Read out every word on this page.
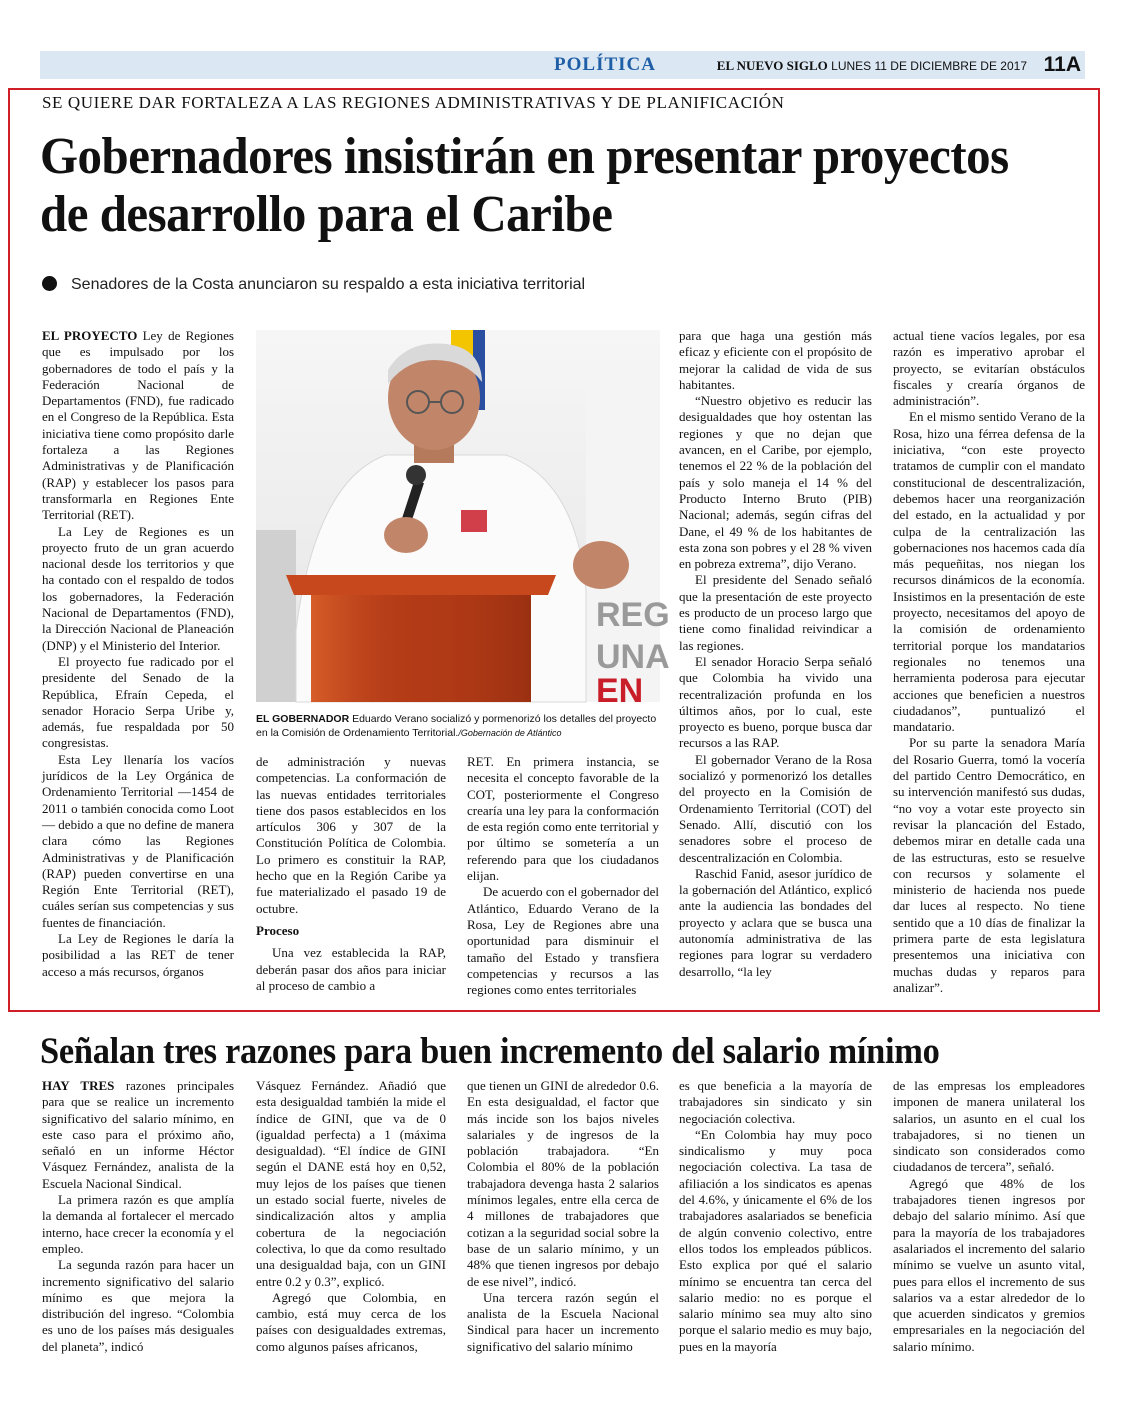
POLÍTICA	EL NUEVO SIGLO LUNES 11 DE DICIEMBRE DE 2017 11A
SE QUIERE DAR FORTALEZA A LAS REGIONES ADMINISTRATIVAS Y DE PLANIFICACIÓN
Gobernadores insistirán en presentar proyectos de desarrollo para el Caribe
Senadores de la Costa anunciaron su respaldo a esta iniciativa territorial

EL PROYECTO Ley de Regiones que es impulsado por los gobernadores de todo el país y la Federación Nacional de Departamentos (FND), fue radicado en el Congreso de la República. Esta iniciativa tiene como propósito darle fortaleza a las Regiones Administrativas y de Planificación (RAP) y establecer los pasos para transformarla en Regiones Ente Territorial (RET).

La Ley de Regiones es un proyecto fruto de un gran acuerdo nacional desde los territorios y que ha contado con el respaldo de todos los gobernadores, la Federación Nacional de Departamentos (FND), la Dirección Nacional de Planeación (DNP) y el Ministerio del Interior.

El proyecto fue radicado por el presidente del Senado de la República, Efraín Cepeda, el senador Horacio Serpa Uribe y, además, fue respaldada por 50 congresistas.

Esta Ley llenaría los vacíos jurídicos de la Ley Orgánica de Ordenamiento Territorial —1454 de 2011 o también conocida como Loot— debido a que no define de manera clara cómo las Regiones Administrativas y de Planificación (RAP) pueden convertirse en una Región Ente Territorial (RET), cuáles serían sus competencias y sus fuentes de financiación.

La Ley de Regiones le daría la posibilidad a las RET de tener acceso a más recursos, órganos

REG
UNA
EN
EL GOBERNADOR Eduardo Verano socializó y pormenorizó los detalles del proyecto en la Comisión de Ordenamiento Territorial./Gobernación de Atlántico

de administración y nuevas competencias. La conformación de las nuevas entidades territoriales tiene dos pasos establecidos en los artículos 306 y 307 de la Constitución Política de Colombia. Lo primero es constituir la RAP, hecho que en la Región Caribe ya fue materializado el pasado 19 de octubre.

Proceso

Una vez establecida la RAP, deberán pasar dos años para iniciar al proceso de cambio a

RET. En primera instancia, se necesita el concepto favorable de la COT, posteriormente el Congreso crearía una ley para la conformación de esta región como ente territorial y por último se sometería a un referendo para que los ciudadanos elijan.

De acuerdo con el gobernador del Atlántico, Eduardo Verano de la Rosa, Ley de Regiones abre una oportunidad para disminuir el tamaño del Estado y transfiera competencias y recursos a las regiones como entes territoriales

para que haga una gestión más eficaz y eficiente con el propósito de mejorar la calidad de vida de sus habitantes.

“Nuestro objetivo es reducir las desigualdades que hoy ostentan las regiones y que no dejan que avancen, en el Caribe, por ejemplo, tenemos el 22 % de la población del país y solo maneja el 14 % del Producto Interno Bruto (PIB) Nacional; además, según cifras del Dane, el 49 % de los habitantes de esta zona son pobres y el 28 % viven en pobreza extrema”, dijo Verano.

El presidente del Senado señaló que la presentación de este proyecto es producto de un proceso largo que tiene como finalidad reivindicar a las regiones.

El senador Horacio Serpa señaló que Colombia ha vivido una recentralización profunda en los últimos años, por lo cual, este proyecto es bueno, porque busca dar recursos a las RAP.

El gobernador Verano de la Rosa socializó y pormenorizó los detalles del proyecto en la Comisión de Ordenamiento Territorial (COT) del Senado. Allí, discutió con los senadores sobre el proceso de descentralización en Colombia.

Raschid Fanid, asesor jurídico de la gobernación del Atlántico, explicó ante la audiencia las bondades del proyecto y aclara que se busca una autonomía administrativa de las regiones para lograr su verdadero desarrollo, “la ley

actual tiene vacíos legales, por esa razón es imperativo aprobar el proyecto, se evitarían obstáculos fiscales y crearía órganos de administración”.

En el mismo sentido Verano de la Rosa, hizo una férrea defensa de la iniciativa, “con este proyecto tratamos de cumplir con el mandato constitucional de descentralización, debemos hacer una reorganización del estado, en la actualidad y por culpa de la centralización las gobernaciones nos hacemos cada día más pequeñitas, nos niegan los recursos dinámicos de la economía. Insistimos en la presentación de este proyecto, necesitamos del apoyo de la comisión de ordenamiento territorial porque los mandatarios regionales no tenemos una herramienta poderosa para ejecutar acciones que beneficien a nuestros ciudadanos”, puntualizó el mandatario.

Por su parte la senadora María del Rosario Guerra, tomó la vocería del partido Centro Democrático, en su intervención manifestó sus dudas, “no voy a votar este proyecto sin revisar la plancación del Estado, debemos mirar en detalle cada una de las estructuras, esto se resuelve con recursos y solamente el ministerio de hacienda nos puede dar luces al respecto. No tiene sentido que a 10 días de finalizar la primera parte de esta legislatura presentemos una iniciativa con muchas dudas y reparos para analizar”.

Señalan tres razones para buen incremento del salario mínimo

HAY TRES razones principales para que se realice un incremento significativo del salario mínimo, en este caso para el próximo año, señaló en un informe Héctor Vásquez Fernández, analista de la Escuela Nacional Sindical.

La primera razón es que amplía la demanda al fortalecer el mercado interno, hace crecer la economía y el empleo.

La segunda razón para hacer un incremento significativo del salario mínimo es que mejora la distribución del ingreso. “Colombia es uno de los países más desiguales del planeta”, indicó

Vásquez Fernández. Añadió que esta desigualdad también la mide el índice de GINI, que va de 0 (igualdad perfecta) a 1 (máxima desigualdad). “El índice de GINI según el DANE está hoy en 0,52, muy lejos de los países que tienen un estado social fuerte, niveles de sindicalización altos y amplia cobertura de la negociación colectiva, lo que da como resultado una desigualdad baja, con un GINI entre 0.2 y 0.3”, explicó.

Agregó que Colombia, en cambio, está muy cerca de los países con desigualdades extremas, como algunos países africanos,

que tienen un GINI de alrededor 0.6. En esta desigualdad, el factor que más incide son los bajos niveles salariales y de ingresos de la población trabajadora. “En Colombia el 80% de la población trabajadora devenga hasta 2 salarios mínimos legales, entre ella cerca de 4 millones de trabajadores que cotizan a la seguridad social sobre la base de un salario mínimo, y un 48% que tienen ingresos por debajo de ese nivel”, indicó.

Una tercera razón según el analista de la Escuela Nacional Sindical para hacer un incremento significativo del salario mínimo

es que beneficia a la mayoría de trabajadores sin sindicato y sin negociación colectiva.

“En Colombia hay muy poco sindicalismo y muy poca negociación colectiva. La tasa de afiliación a los sindicatos es apenas del 4.6%, y únicamente el 6% de los trabajadores asalariados se beneficia de algún convenio colectivo, entre ellos todos los empleados públicos. Esto explica por qué el salario mínimo se encuentra tan cerca del salario medio: no es porque el salario mínimo sea muy alto sino porque el salario medio es muy bajo, pues en la mayoría

de las empresas los empleadores imponen de manera unilateral los salarios, un asunto en el cual los trabajadores, si no tienen un sindicato son considerados como ciudadanos de tercera”, señaló.

Agregó que 48% de los trabajadores tienen ingresos por debajo del salario mínimo. Así que para la mayoría de los trabajadores asalariados el incremento del salario mínimo se vuelve un asunto vital, pues para ellos el incremento de sus salarios va a estar alrededor de lo que acuerden sindicatos y gremios empresariales en la negociación del salario mínimo.
